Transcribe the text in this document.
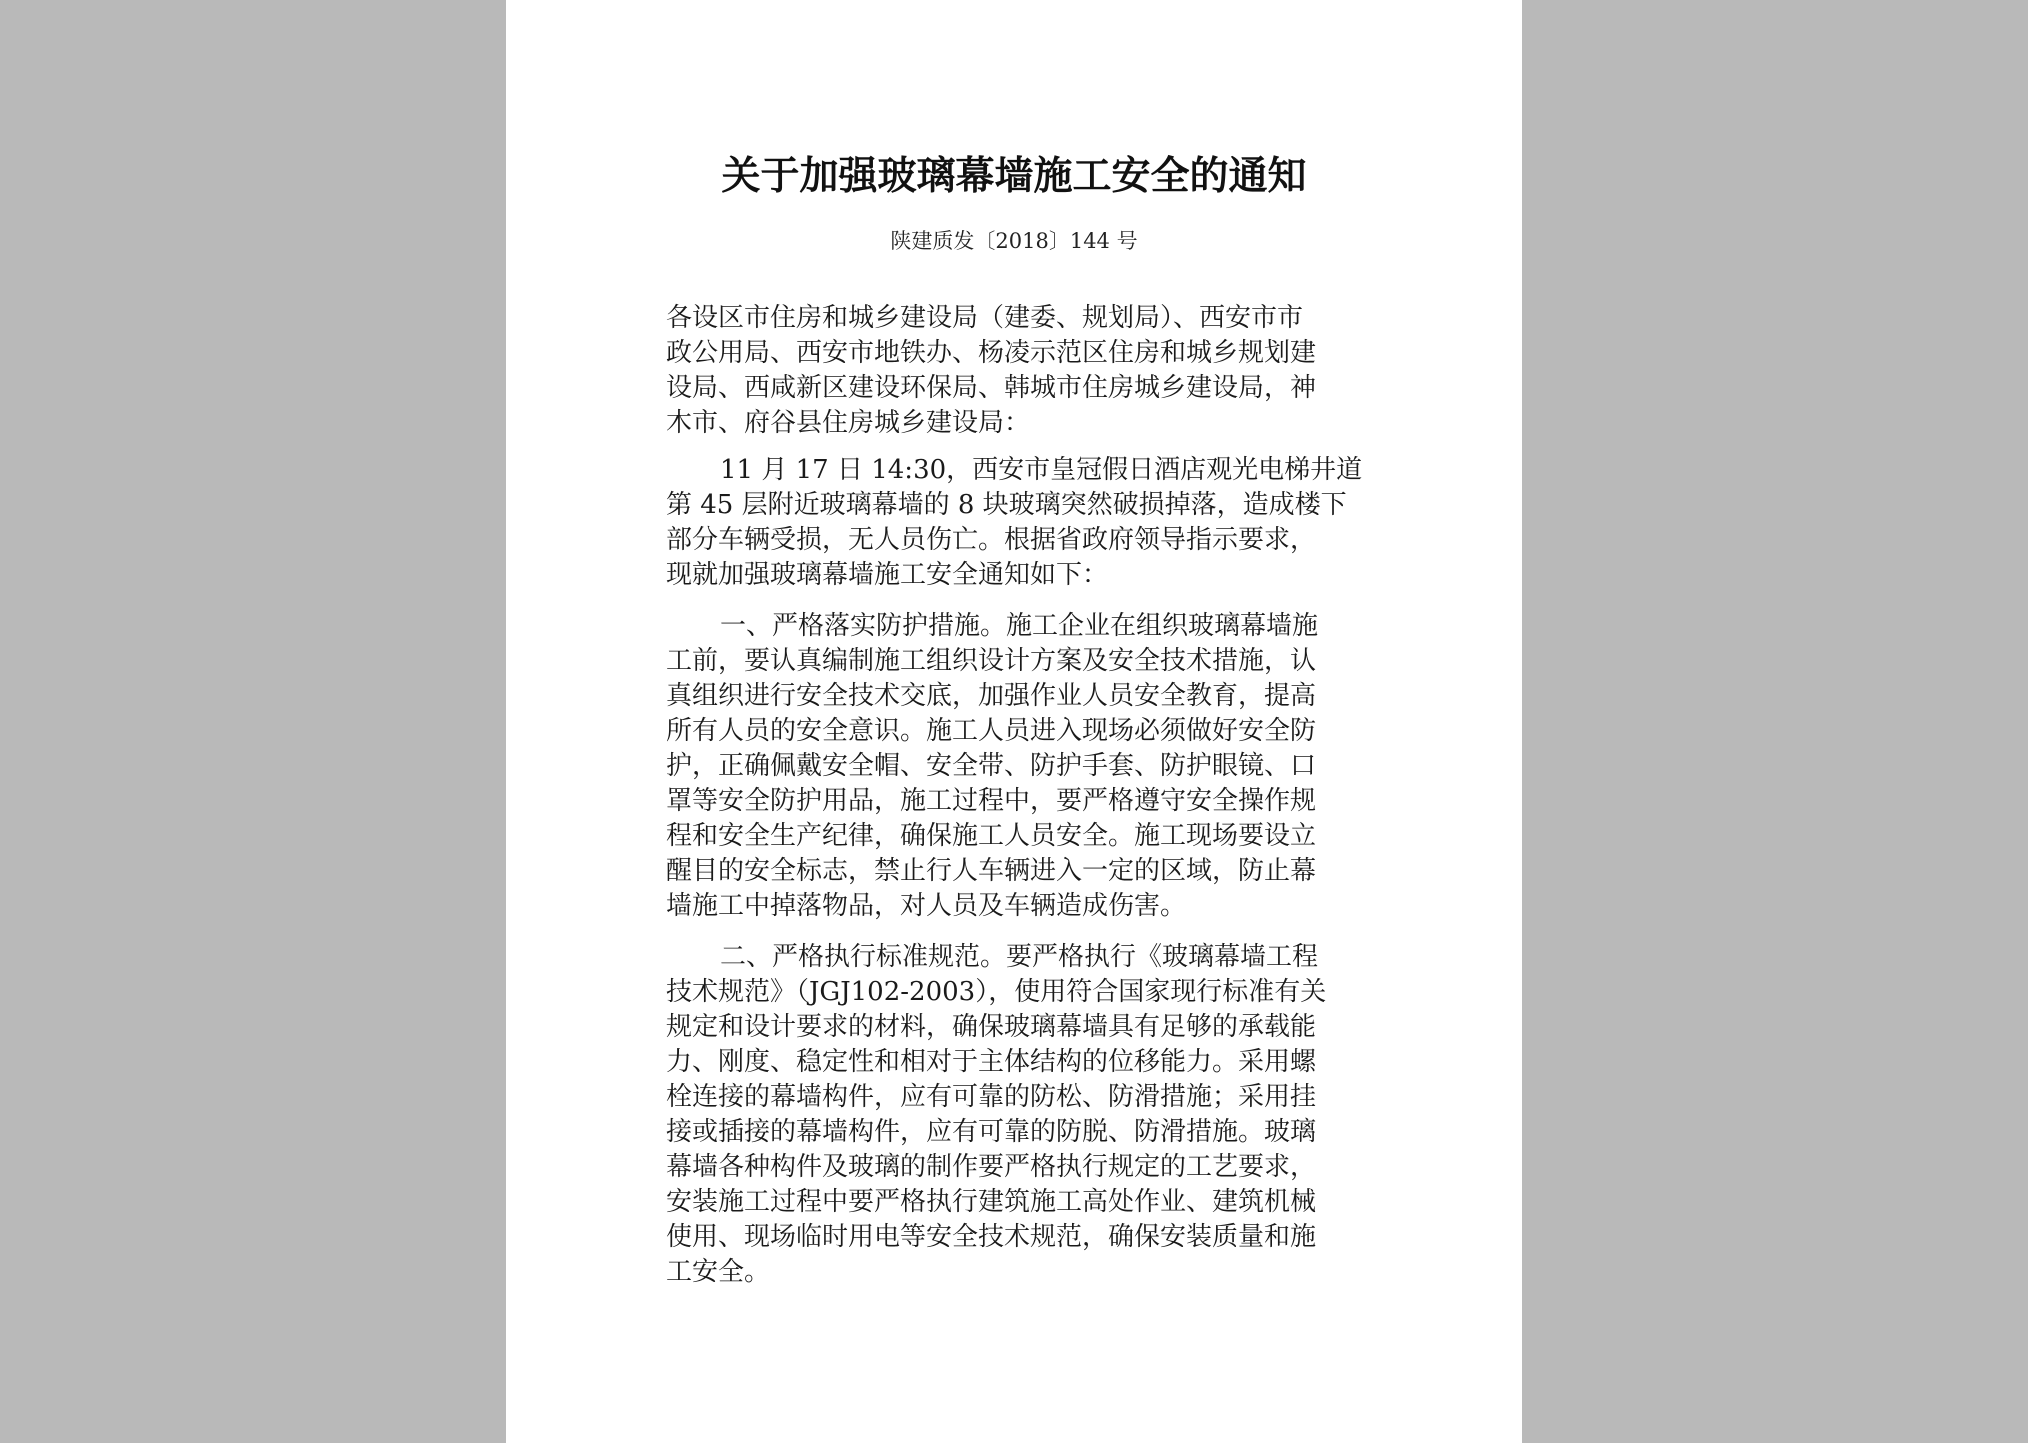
关于加强玻璃幕墙施工安全的通知
陕建质发〔2018〕144 号
各设区市住房和城乡建设局（建委、规划局）、西安市市
政公用局、西安市地铁办、杨凌示范区住房和城乡规划建
设局、西咸新区建设环保局、韩城市住房城乡建设局，神
木市、府谷县住房城乡建设局：
11 月 17 日 14:30，西安市皇冠假日酒店观光电梯井道
第 45 层附近玻璃幕墙的 8 块玻璃突然破损掉落，造成楼下
部分车辆受损，无人员伤亡。根据省政府领导指示要求，
现就加强玻璃幕墙施工安全通知如下：
一、严格落实防护措施。施工企业在组织玻璃幕墙施
工前，要认真编制施工组织设计方案及安全技术措施，认
真组织进行安全技术交底，加强作业人员安全教育，提高
所有人员的安全意识。施工人员进入现场必须做好安全防
护，正确佩戴安全帽、安全带、防护手套、防护眼镜、口
罩等安全防护用品，施工过程中，要严格遵守安全操作规
程和安全生产纪律，确保施工人员安全。施工现场要设立
醒目的安全标志，禁止行人车辆进入一定的区域，防止幕
墙施工中掉落物品，对人员及车辆造成伤害。
二、严格执行标准规范。要严格执行《玻璃幕墙工程
技术规范》（JGJ102-2003），使用符合国家现行标准有关
规定和设计要求的材料，确保玻璃幕墙具有足够的承载能
力、刚度、稳定性和相对于主体结构的位移能力。采用螺
栓连接的幕墙构件，应有可靠的防松、防滑措施；采用挂
接或插接的幕墙构件，应有可靠的防脱、防滑措施。玻璃
幕墙各种构件及玻璃的制作要严格执行规定的工艺要求，
安装施工过程中要严格执行建筑施工高处作业、建筑机械
使用、现场临时用电等安全技术规范，确保安装质量和施
工安全。
